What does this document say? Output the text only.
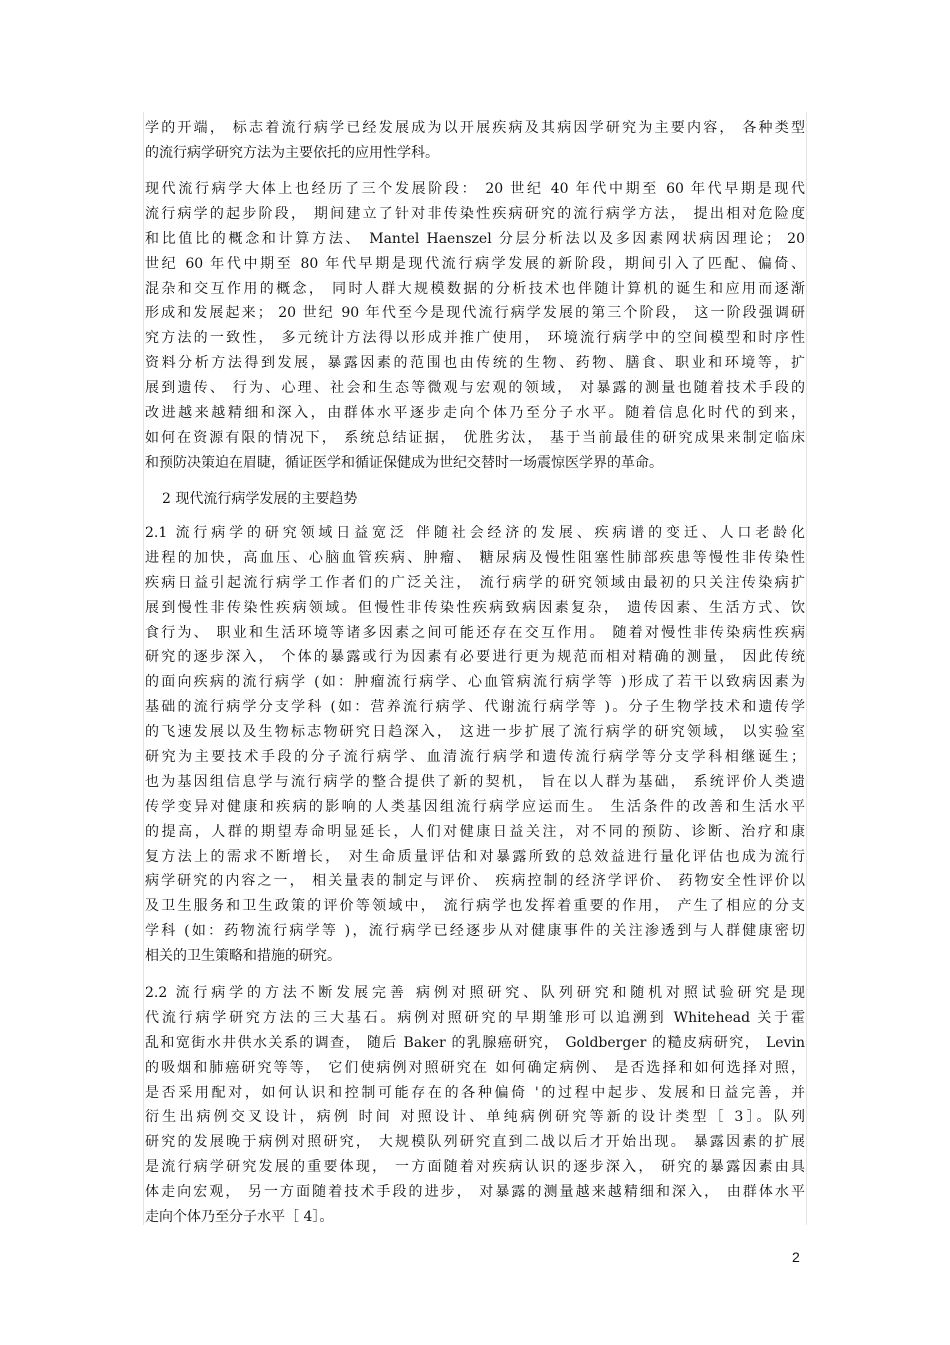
学的开端， 标志着流行病学已经发展成为以开展疾病及其病因学研究为主要内容， 各种类型
的流行病学研究方法为主要依托的应用性学科。
现代流行病学大体上也经历了三个发展阶段： 20 世纪 40 年代中期至 60 年代早期是现代
流行病学的起步阶段， 期间建立了针对非传染性疾病研究的流行病学方法， 提出相对危险度
和比值比的概念和计算方法、 Mantel Haenszel 分层分析法以及多因素网状病因理论； 20
世纪 60 年代中期至 80 年代早期是现代流行病学发展的新阶段，期间引入了匹配、偏倚、
混杂和交互作用的概念， 同时人群大规模数据的分析技术也伴随计算机的诞生和应用而逐渐
形成和发展起来； 20 世纪 90 年代至今是现代流行病学发展的第三个阶段， 这一阶段强调研
究方法的一致性， 多元统计方法得以形成并推广使用， 环境流行病学中的空间模型和时序性
资料分析方法得到发展，暴露因素的范围也由传统的生物、药物、膳食、职业和环境等，扩
展到遗传、 行为、心理、社会和生态等微观与宏观的领域， 对暴露的测量也随着技术手段的
改进越来越精细和深入，由群体水平逐步走向个体乃至分子水平。随着信息化时代的到来，
如何在资源有限的情况下， 系统总结证据， 优胜劣汰， 基于当前最佳的研究成果来制定临床
和预防决策迫在眉睫，循证医学和循证保健成为世纪交替时一场震惊医学界的革命。
2 现代流行病学发展的主要趋势
2.1 流行病学的研究领域日益宽泛 伴随社会经济的发展、疾病谱的变迁、人口老龄化
进程的加快，高血压、心脑血管疾病、肿瘤、 糖尿病及慢性阻塞性肺部疾患等慢性非传染性
疾病日益引起流行病学工作者们的广泛关注， 流行病学的研究领域由最初的只关注传染病扩
展到慢性非传染性疾病领域。但慢性非传染性疾病致病因素复杂， 遗传因素、生活方式、饮
食行为、 职业和生活环境等诸多因素之间可能还存在交互作用。 随着对慢性非传染病性疾病
研究的逐步深入， 个体的暴露或行为因素有必要进行更为规范而相对精确的测量， 因此传统
的面向疾病的流行病学 (如：肿瘤流行病学、心血管病流行病学等 )形成了若干以致病因素为
基础的流行病学分支学科 (如：营养流行病学、代谢流行病学等 )。分子生物学技术和遗传学
的飞速发展以及生物标志物研究日趋深入， 这进一步扩展了流行病学的研究领域， 以实验室
研究为主要技术手段的分子流行病学、血清流行病学和遗传流行病学等分支学科相继诞生；
也为基因组信息学与流行病学的整合提供了新的契机， 旨在以人群为基础， 系统评价人类遗
传学变异对健康和疾病的影响的人类基因组流行病学应运而生。 生活条件的改善和生活水平
的提高，人群的期望寿命明显延长，人们对健康日益关注，对不同的预防、诊断、治疗和康
复方法上的需求不断增长， 对生命质量评估和对暴露所致的总效益进行量化评估也成为流行
病学研究的内容之一， 相关量表的制定与评价、 疾病控制的经济学评价、 药物安全性评价以
及卫生服务和卫生政策的评价等领域中， 流行病学也发挥着重要的作用， 产生了相应的分支
学科 (如：药物流行病学等 )，流行病学已经逐步从对健康事件的关注渗透到与人群健康密切
相关的卫生策略和措施的研究。
2.2 流行病学的方法不断发展完善 病例对照研究、队列研究和随机对照试验研究是现
代流行病学研究方法的三大基石。病例对照研究的早期雏形可以追溯到 Whitehead 关于霍
乱和宽街水井供水关系的调查， 随后 Baker 的乳腺癌研究， Goldberger 的糙皮病研究， Levin
的吸烟和肺癌研究等等， 它们使病例对照研究在 如何确定病例、 是否选择和如何选择对照，
是否采用配对，如何认识和控制可能存在的各种偏倚 '的过程中起步、发展和日益完善，并
衍生出病例交叉设计，病例 时间 对照设计、单纯病例研究等新的设计类型［ 3］。队列
研究的发展晚于病例对照研究， 大规模队列研究直到二战以后才开始出现。 暴露因素的扩展
是流行病学研究发展的重要体现， 一方面随着对疾病认识的逐步深入， 研究的暴露因素由具
体走向宏观， 另一方面随着技术手段的进步， 对暴露的测量越来越精细和深入， 由群体水平
走向个体乃至分子水平［ 4］。
2
